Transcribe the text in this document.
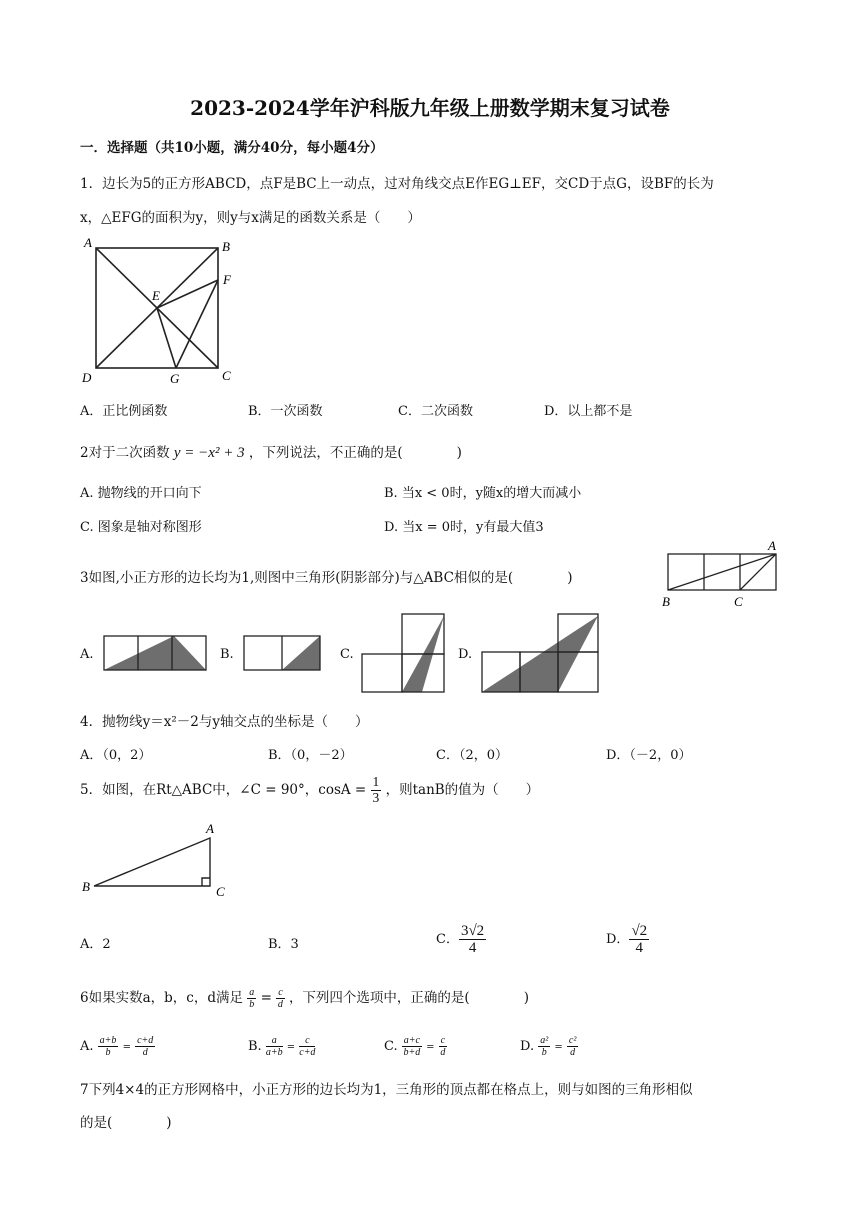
2023-2024学年沪科版九年级上册数学期末复习试卷
一．选择题（共10小题，满分40分，每小题4分）
1．边长为5的正方形ABCD，点F是BC上一动点，过对角线交点E作EG⊥EF，交CD于点G，设BF的长为
x，△EFG的面积为y，则y与x满足的函数关系是（　　）
A	B
F
E
D	G	C
A．正比例函数	B．一次函数	C．二次函数	D．以上都不是
2对于二次函数 y = −x² + 3 ，下列说法，不正确的是(　　　　)
A. 抛物线的开口向下	B. 当x < 0时，y随x的增大而减小
C. 图象是轴对称图形	D. 当x = 0时，y有最大值3
3如图,小正方形的边长均为1,则图中三角形(阴影部分)与△ABC相似的是(　　　　)
A
B	C
A.	B.	C.	D.
4．抛物线y＝x²－2与y轴交点的坐标是（　　）
A．（0，2）	B．（0，－2）	C．（2，0）	D．（－2，0）
5．如图，在Rt△ABC中，∠C = 90°，$\cos A = \frac{1}{3}$ ，则tanB的值为（　　）
A
B	C
A．2	B．3	C． $\frac{3√2}{4}$	D． $\frac{√2}{4}$
6如果实数a，b，c，d满足 $\frac{a}{b} = \frac{c}{d}$ ，下列四个选项中，正确的是(　　　　)
A. $\frac{a+b}{b} = \frac{c+d}{d}$	B. $\frac{a}{a+b} = \frac{c}{c+d}$	C. $\frac{a+c}{b+d} = \frac{c}{d}$	D. $\frac{\text{a²}}{b} = \frac{\text{c²}}{d}$
7下列4×4的正方形网格中，小正方形的边长均为1，三角形的顶点都在格点上，则与如图的三角形相似
的是(　　　　)
